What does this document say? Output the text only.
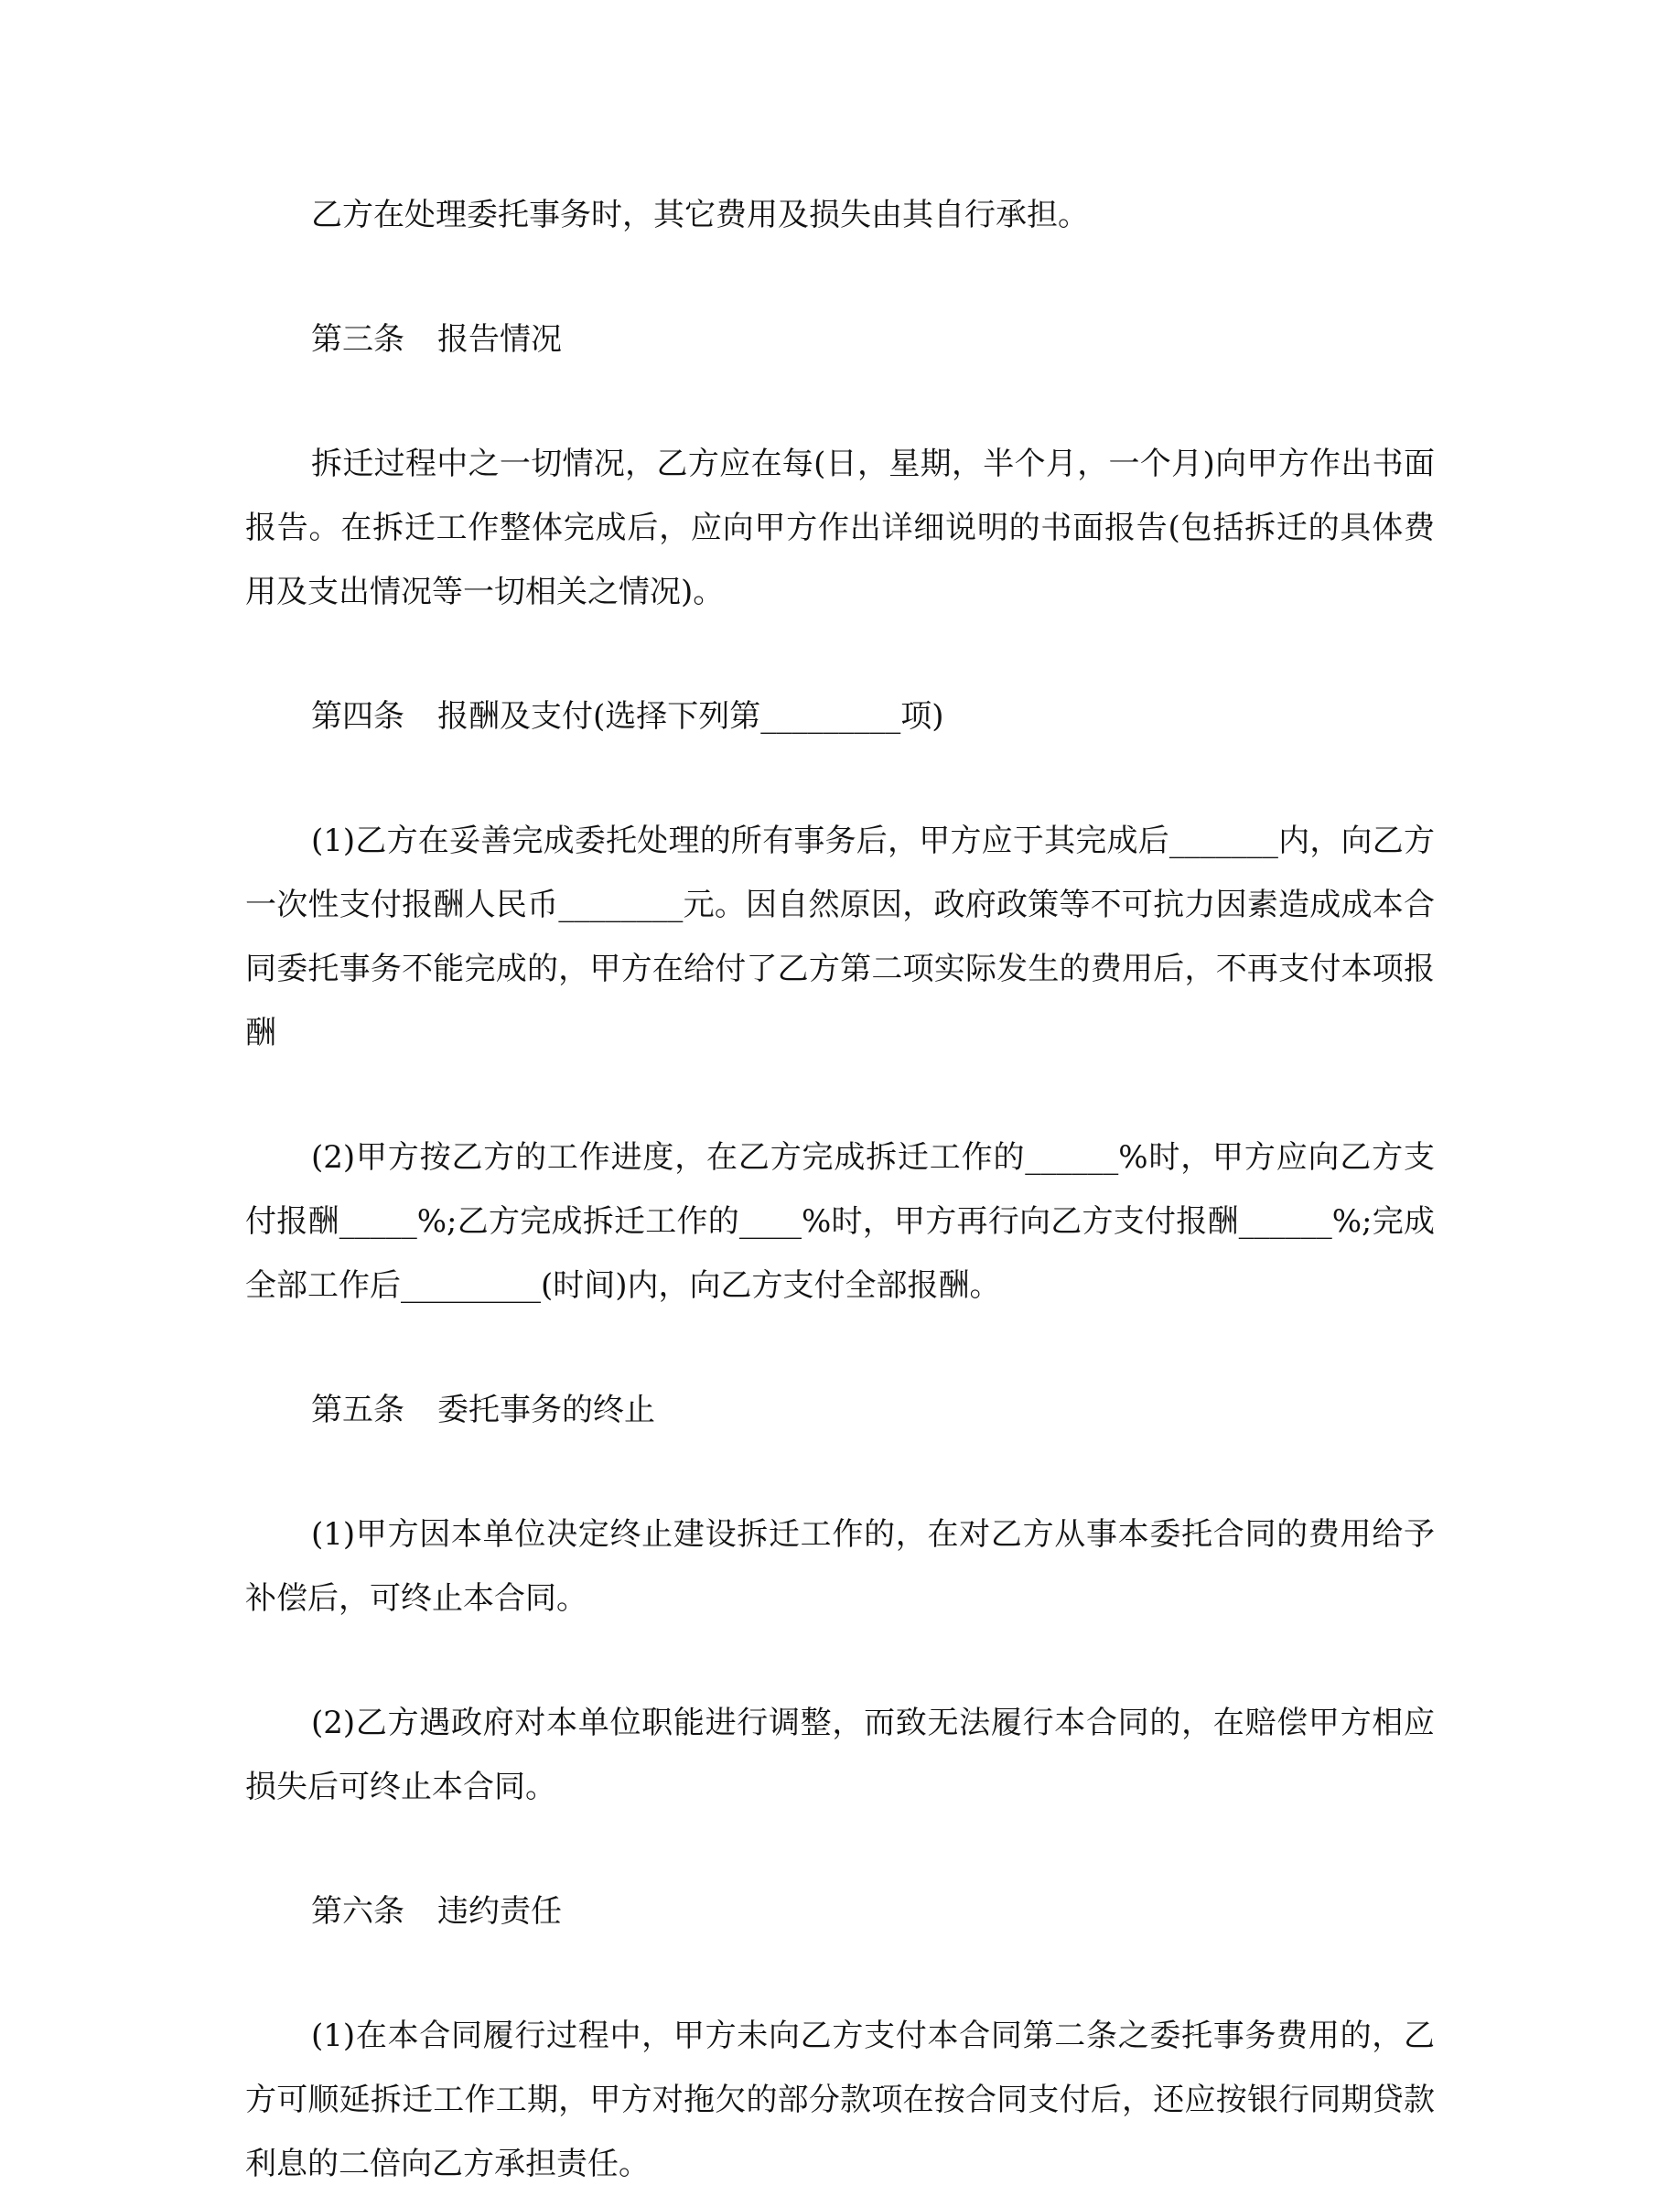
乙方在处理委托事务时，其它费用及损失由其自行承担。

第三条 报告情况

拆迁过程中之一切情况，乙方应在每(日，星期，半个月，一个月)向甲方作出书面报告。在拆迁工作整体完成后，应向甲方作出详细说明的书面报告(包括拆迁的具体费用及支出情况等一切相关之情况)。

第四条 报酬及支付(选择下列第_________项)

(1)乙方在妥善完成委托处理的所有事务后，甲方应于其完成后_______内，向乙方一次性支付报酬人民币________元。因自然原因，政府政策等不可抗力因素造成成本合同委托事务不能完成的，甲方在给付了乙方第二项实际发生的费用后，不再支付本项报酬

(2)甲方按乙方的工作进度，在乙方完成拆迁工作的______%时，甲方应向乙方支付报酬_____%;乙方完成拆迁工作的____%时，甲方再行向乙方支付报酬______%;完成全部工作后_________(时间)内，向乙方支付全部报酬。

第五条 委托事务的终止

(1)甲方因本单位决定终止建设拆迁工作的，在对乙方从事本委托合同的费用给予补偿后，可终止本合同。

(2)乙方遇政府对本单位职能进行调整，而致无法履行本合同的，在赔偿甲方相应损失后可终止本合同。

第六条 违约责任

(1)在本合同履行过程中，甲方未向乙方支付本合同第二条之委托事务费用的，乙方可顺延拆迁工作工期，甲方对拖欠的部分款项在按合同支付后，还应按银行同期贷款利息的二倍向乙方承担责任。
